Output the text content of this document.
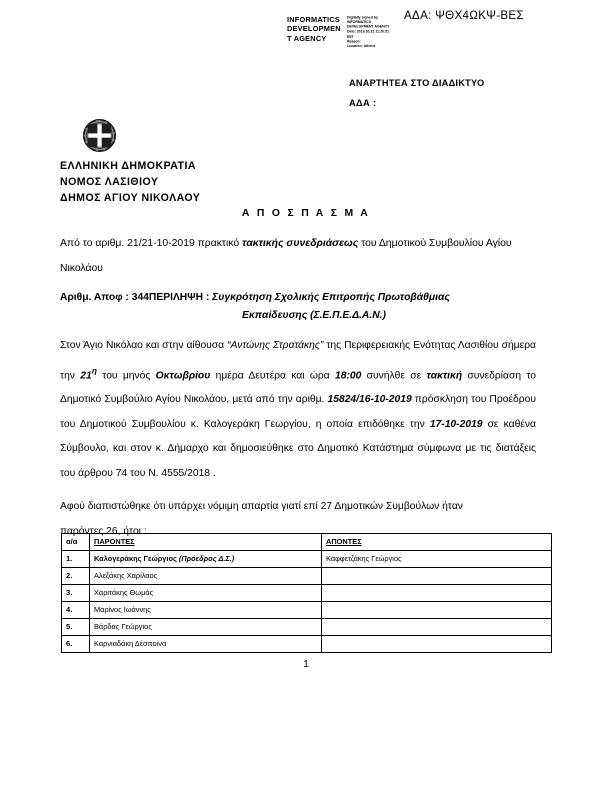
INFORMATICS
DEVELOPMEN
T AGENCY
Digitally signed by
INFORMATICS
DEVELOPMENT AGENCY
Date: 2019.10.31 11:20:51
EET
Reason:
Location: Athens
ΑΔΑ: ΨΘΧ4ΩΚΨ-ΒΕΣ
ΑΝΑΡΤΗΤΕΑ ΣΤΟ ΔΙΑΔΙΚΤΥΟ
ΑΔΑ :
ΕΛΛΗΝΙΚΗ ΔΗΜΟΚΡΑΤΙΑ
ΝΟΜΟΣ ΛΑΣΙΘΙΟΥ
ΔΗΜΟΣ ΑΓΙΟΥ ΝΙΚΟΛΑΟΥ
Α Π Ο Σ Π Α Σ Μ Α
Από το αριθμ. 21/21-10-2019 πρακτικό τακτικής συνεδριάσεως του Δημοτικού Συμβουλίου Αγίου Νικολάου
Αριθμ. Αποφ : 344ΠΕΡΙΛΗΨΗ : Συγκρότηση Σχολικής Επιτροπής Πρωτοβάθμιας
Εκπαίδευσης (Σ.Ε.Π.Ε.Δ.Α.Ν.)
Στον Άγιο Νικόλαο και στην αίθουσα “Αντώνης Στρατάκης” της Περιφερειακής Ενότητας Λασιθίου σήμερα την $21^\eta$ του μηνός Οκτωβρίου ημέρα Δευτέρα και ώρα 18:00 συνήλθε σε τακτική συνεδρίαση το Δημοτικό Συμβούλιο Αγίου Νικολάου, μετά από την αριθμ. 15824/16-10-2019 πρόσκληση του Προέδρου του Δημοτικού Συμβουλίου κ. Καλογεράκη Γεωργίου, η οποία επιδόθηκε την 17-10-2019 σε καθένα Σύμβουλο, και στον κ. Δήμαρχο και δημοσιεύθηκε στο Δημοτικό Κατάστημα σύμφωνα με τις διατάξεις του άρθρου 74 του Ν. 4555/2018 .
Αφού διαπιστώθηκε ότι υπάρχει νόμιμη απαρτία γιατί επί 27 Δημοτικών Συμβούλων ήταν
παρόντες 26, ήτοι :
α/α	ΠΑΡΟΝΤΕΣ	ΑΠΟΝΤΕΣ
1.	Καλογεράκης Γεώργιος (Πρόεδρος Δ.Σ.)	Καφφετζάκης Γεώργιος
2.	Αλεξάκης Χαρίλαος	
3.	Χαριτάκης Θωμάς	
4.	Μαρίνος Ιωάννης	
5.	Βάρδας Γεώργιος	
6.	Καρνιαδάκη Δέσποινα	
1
